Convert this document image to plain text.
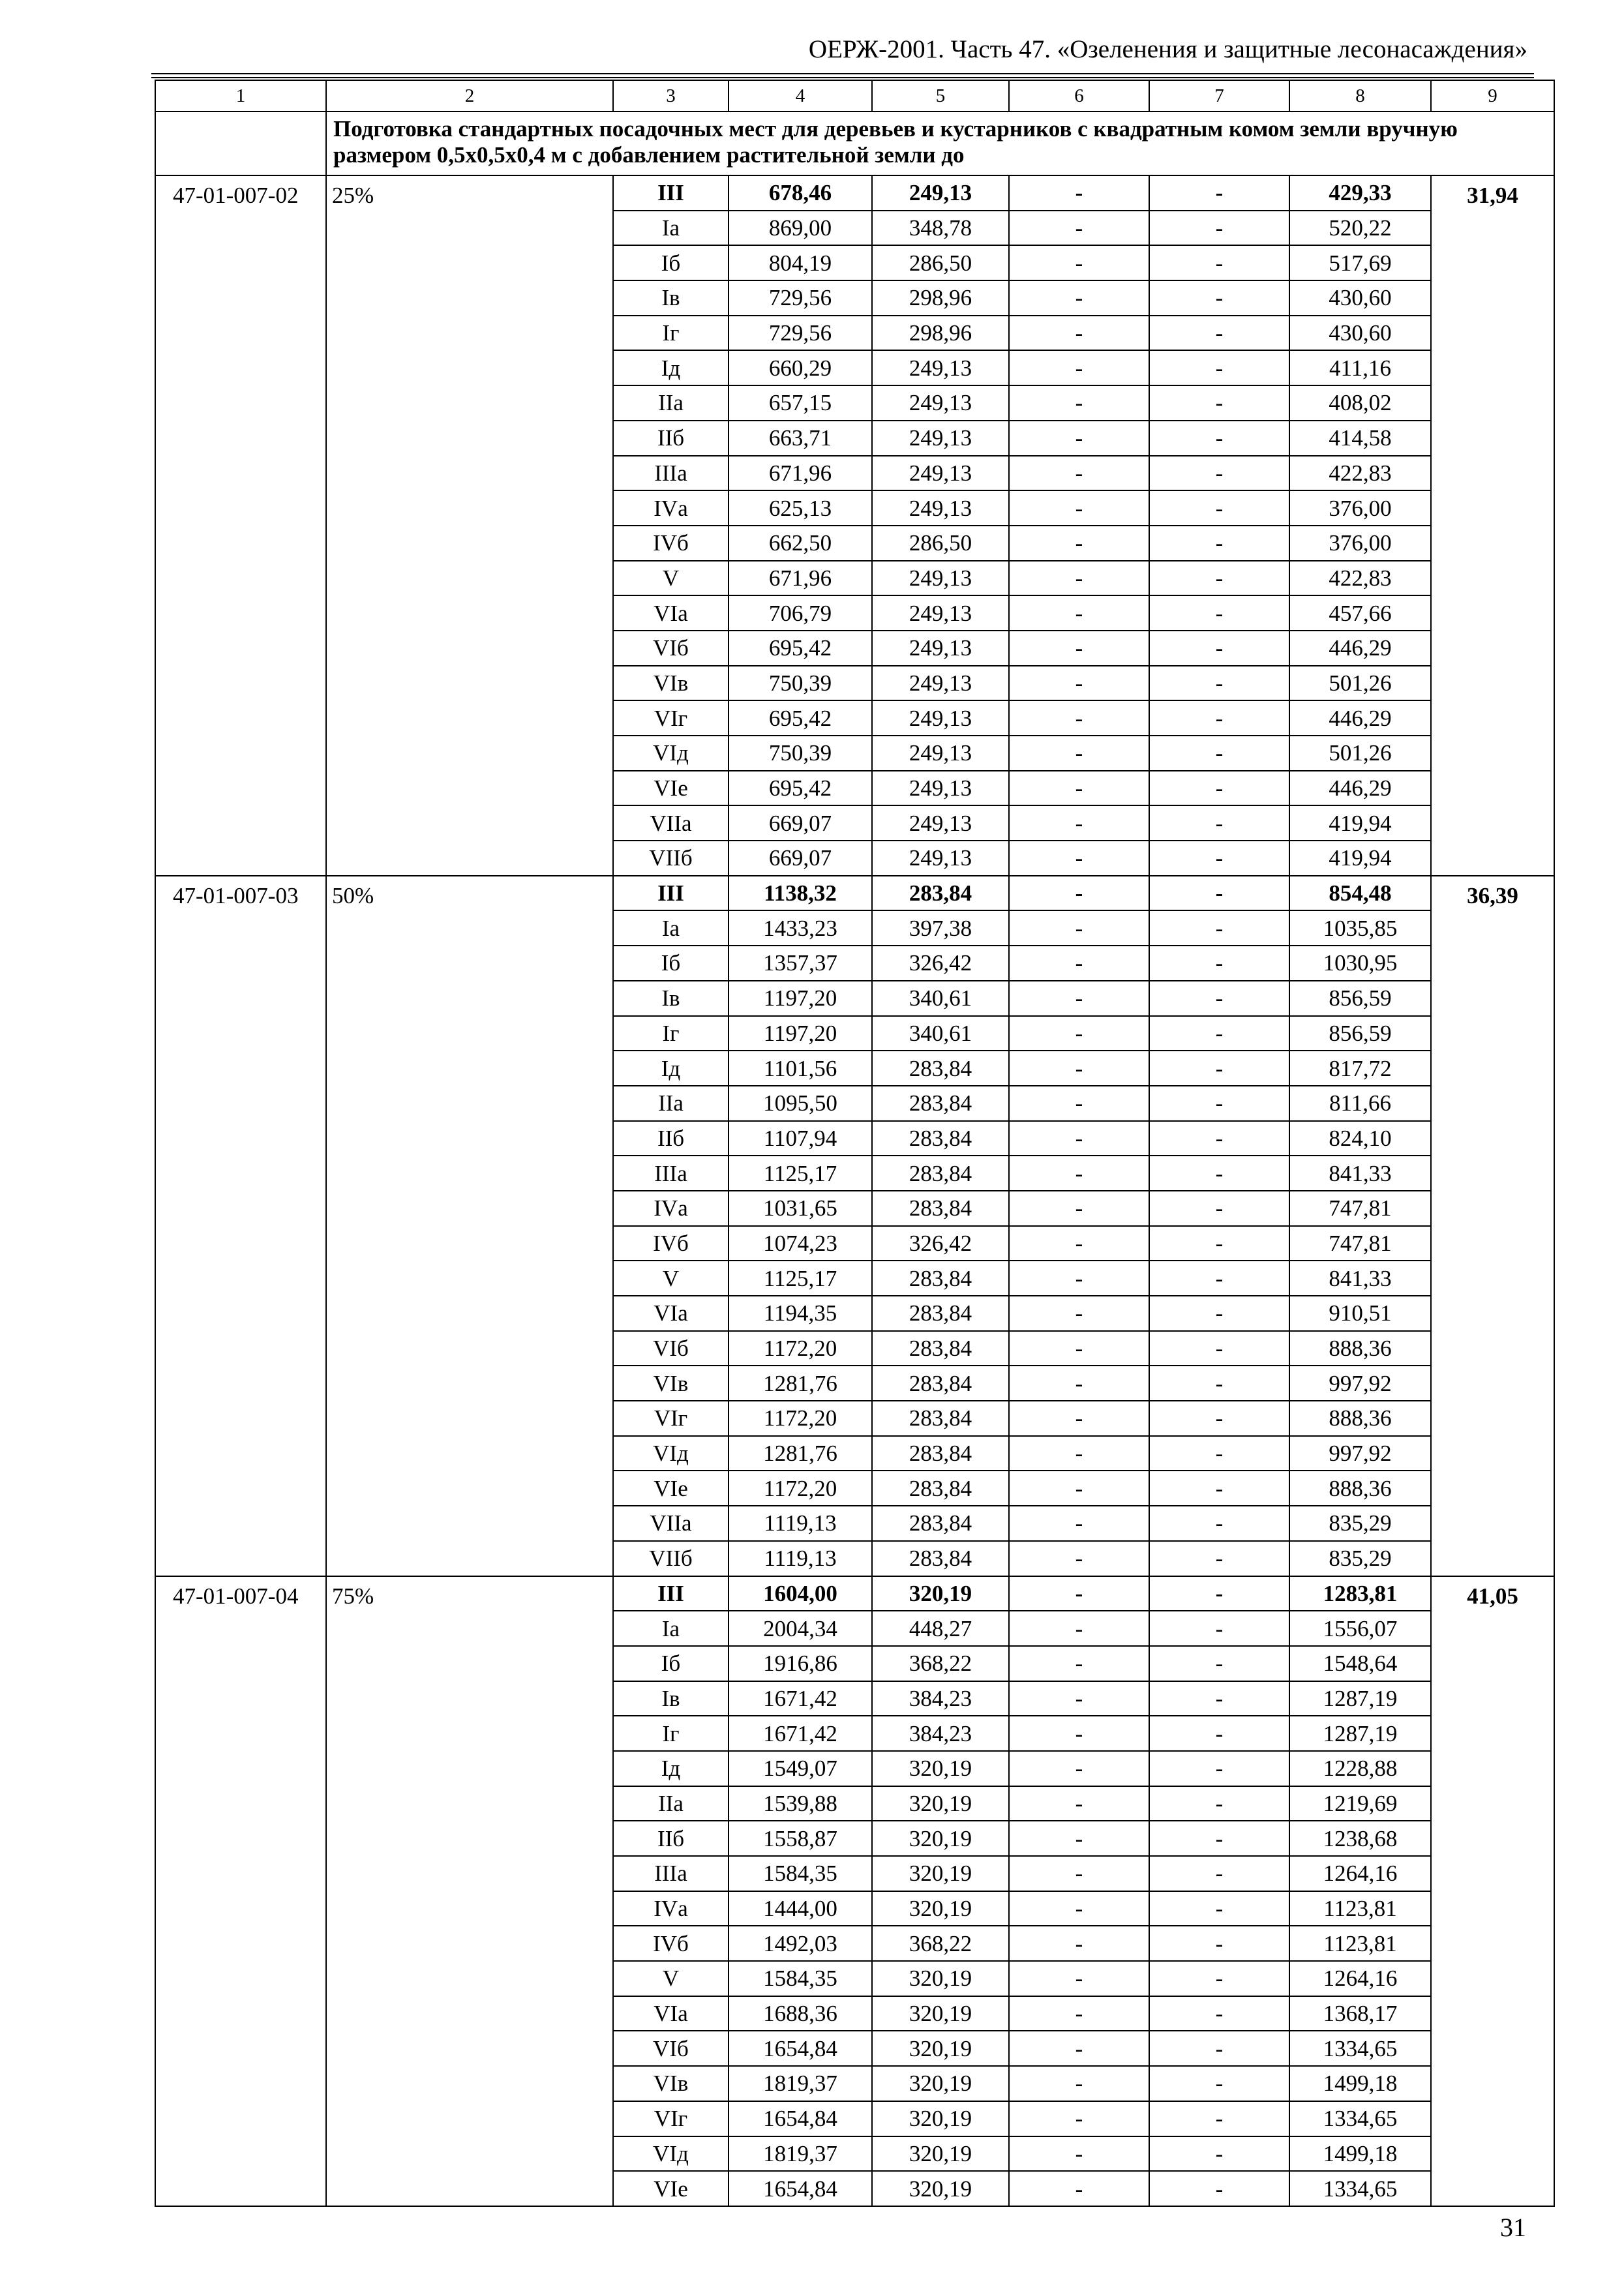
ОЕРЖ-2001. Часть 47. «Озеленения и защитные лесонасаждения»
1	2	3	4	5	6	7	8	9
	Подготовка стандартных посадочных мест для деревьев и кустарников с квадратным комом земли вручную размером 0,5х0,5х0,4 м с добавлением растительной земли до							
47-01-007-02	25%	III	678,46	249,13	-	-	429,33	31,94
		Iа	869,00	348,78	-	-	520,22	
		Iб	804,19	286,50	-	-	517,69	
		Iв	729,56	298,96	-	-	430,60	
		Iг	729,56	298,96	-	-	430,60	
		Iд	660,29	249,13	-	-	411,16	
		IIа	657,15	249,13	-	-	408,02	
		IIб	663,71	249,13	-	-	414,58	
		IIIа	671,96	249,13	-	-	422,83	
		IVа	625,13	249,13	-	-	376,00	
		IVб	662,50	286,50	-	-	376,00	
		V	671,96	249,13	-	-	422,83	
		VIа	706,79	249,13	-	-	457,66	
		VIб	695,42	249,13	-	-	446,29	
		VIв	750,39	249,13	-	-	501,26	
		VIг	695,42	249,13	-	-	446,29	
		VIд	750,39	249,13	-	-	501,26	
		VIе	695,42	249,13	-	-	446,29	
		VIIа	669,07	249,13	-	-	419,94	
		VIIб	669,07	249,13	-	-	419,94	
47-01-007-03	50%	III	1138,32	283,84	-	-	854,48	36,39
		Iа	1433,23	397,38	-	-	1035,85	
		Iб	1357,37	326,42	-	-	1030,95	
		Iв	1197,20	340,61	-	-	856,59	
		Iг	1197,20	340,61	-	-	856,59	
		Iд	1101,56	283,84	-	-	817,72	
		IIа	1095,50	283,84	-	-	811,66	
		IIб	1107,94	283,84	-	-	824,10	
		IIIа	1125,17	283,84	-	-	841,33	
		IVа	1031,65	283,84	-	-	747,81	
		IVб	1074,23	326,42	-	-	747,81	
		V	1125,17	283,84	-	-	841,33	
		VIа	1194,35	283,84	-	-	910,51	
		VIб	1172,20	283,84	-	-	888,36	
		VIв	1281,76	283,84	-	-	997,92	
		VIг	1172,20	283,84	-	-	888,36	
		VIд	1281,76	283,84	-	-	997,92	
		VIе	1172,20	283,84	-	-	888,36	
		VIIа	1119,13	283,84	-	-	835,29	
		VIIб	1119,13	283,84	-	-	835,29	
47-01-007-04	75%	III	1604,00	320,19	-	-	1283,81	41,05
		Iа	2004,34	448,27	-	-	1556,07	
		Iб	1916,86	368,22	-	-	1548,64	
		Iв	1671,42	384,23	-	-	1287,19	
		Iг	1671,42	384,23	-	-	1287,19	
		Iд	1549,07	320,19	-	-	1228,88	
		IIа	1539,88	320,19	-	-	1219,69	
		IIб	1558,87	320,19	-	-	1238,68	
		IIIа	1584,35	320,19	-	-	1264,16	
		IVа	1444,00	320,19	-	-	1123,81	
		IVб	1492,03	368,22	-	-	1123,81	
		V	1584,35	320,19	-	-	1264,16	
		VIа	1688,36	320,19	-	-	1368,17	
		VIб	1654,84	320,19	-	-	1334,65	
		VIв	1819,37	320,19	-	-	1499,18	
		VIг	1654,84	320,19	-	-	1334,65	
		VIд	1819,37	320,19	-	-	1499,18	
		VIе	1654,84	320,19	-	-	1334,65	
31
